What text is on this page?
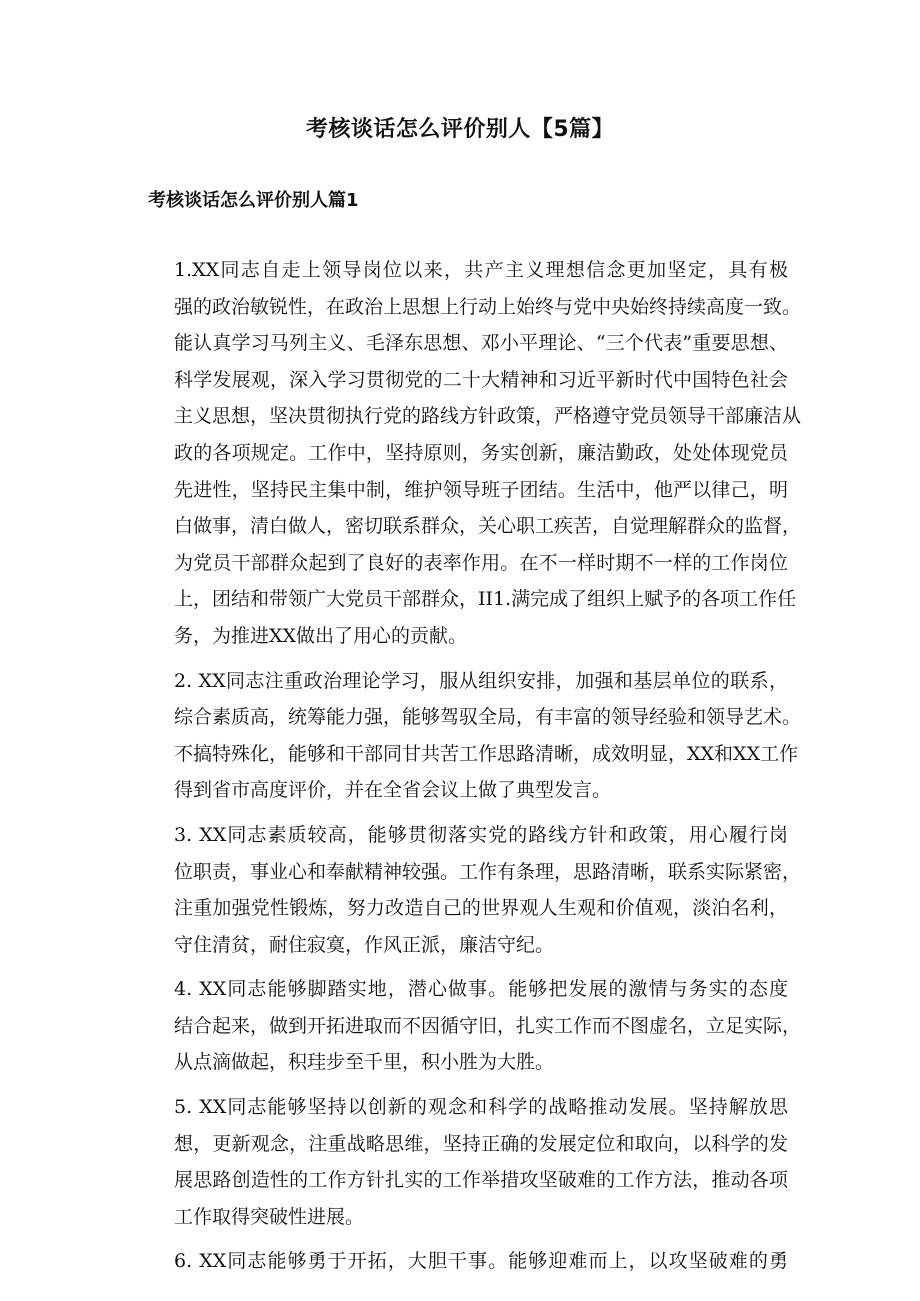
考核谈话怎么评价别人【5篇】
考核谈话怎么评价别人篇1

1.XX同志自走上领导岗位以来，共产主义理想信念更加坚定，具有极
强的政治敏锐性，在政治上思想上行动上始终与党中央始终持续高度一致。
能认真学习马列主义、毛泽东思想、邓小平理论、“三个代表”重要思想、
科学发展观，深入学习贯彻党的二十大精神和习近平新时代中国特色社会
主义思想，坚决贯彻执行党的路线方针政策，严格遵守党员领导干部廉洁从
政的各项规定。工作中，坚持原则，务实创新，廉洁勤政，处处体现党员
先进性，坚持民主集中制，维护领导班子团结。生活中，他严以律己，明
白做事，清白做人，密切联系群众，关心职工疾苦，自觉理解群众的监督，
为党员干部群众起到了良好的表率作用。在不一样时期不一样的工作岗位
上，团结和带领广大党员干部群众，II1.满完成了组织上赋予的各项工作任
务，为推进XX做出了用心的贡献。

2. XX同志注重政治理论学习，服从组织安排，加强和基层单位的联系，
综合素质高，统筹能力强，能够驾驭全局，有丰富的领导经验和领导艺术。
不搞特殊化，能够和干部同甘共苦工作思路清晰，成效明显，XX和XX工作
得到省市高度评价，并在全省会议上做了典型发言。

3. XX同志素质较高，能够贯彻落实党的路线方针和政策，用心履行岗
位职责，事业心和奉献精神较强。工作有条理，思路清晰，联系实际紧密，
注重加强党性锻炼，努力改造自己的世界观人生观和价值观，淡泊名利，
守住清贫，耐住寂寞，作风正派，廉洁守纪。

4. XX同志能够脚踏实地，潜心做事。能够把发展的激情与务实的态度
结合起来，做到开拓进取而不因循守旧，扎实工作而不图虚名，立足实际，
从点滴做起，积珪步至千里，积小胜为大胜。

5. XX同志能够坚持以创新的观念和科学的战略推动发展。坚持解放思
想，更新观念，注重战略思维，坚持正确的发展定位和取向，以科学的发
展思路创造性的工作方针扎实的工作举措攻坚破难的工作方法，推动各项
工作取得突破性进展。

6. XX同志能够勇于开拓，大胆干事。能够迎难而上，以攻坚破难的勇
